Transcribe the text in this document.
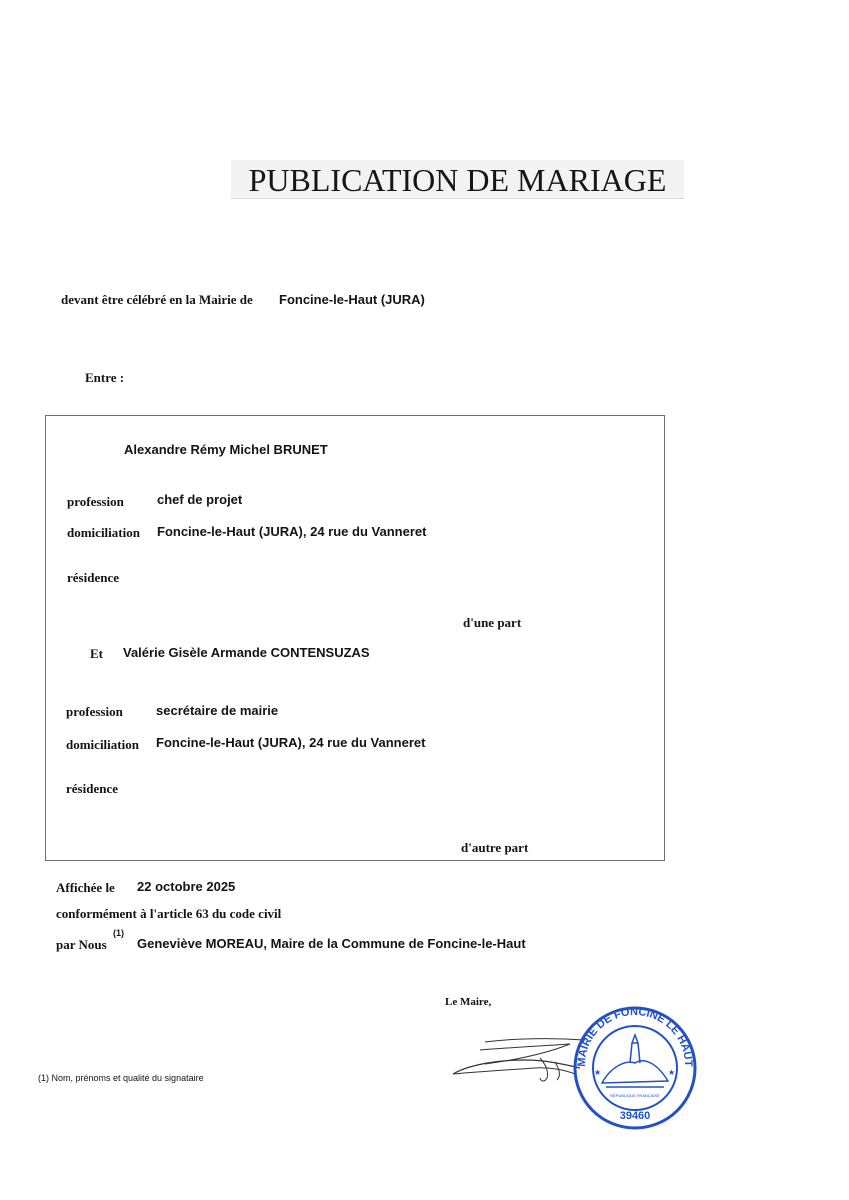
PUBLICATION DE MARIAGE
devant être célébré en la Mairie de Foncine-le-Haut (JURA)
Entre :
Alexandre Rémy Michel BRUNET
profession	chef de projet
domiciliation Foncine-le-Haut (JURA), 24 rue du Vanneret
résidence
d'une part
Et Valérie Gisèle Armande CONTENSUZAS
profession	secrétaire de mairie
domiciliation Foncine-le-Haut (JURA), 24 rue du Vanneret
résidence
d'autre part
Affichée le 22 octobre 2025
conformément à l'article 63 du code civil
par Nous
(1)
Geneviève MOREAU, Maire de la Commune de Foncine-le-Haut
Le Maire,
★	★
RÉPUBLIQUE FRANÇAISE
39460
MAIRIE DE FONCINE LE HAUT
(1) Nom, prénoms et qualité du signataire
